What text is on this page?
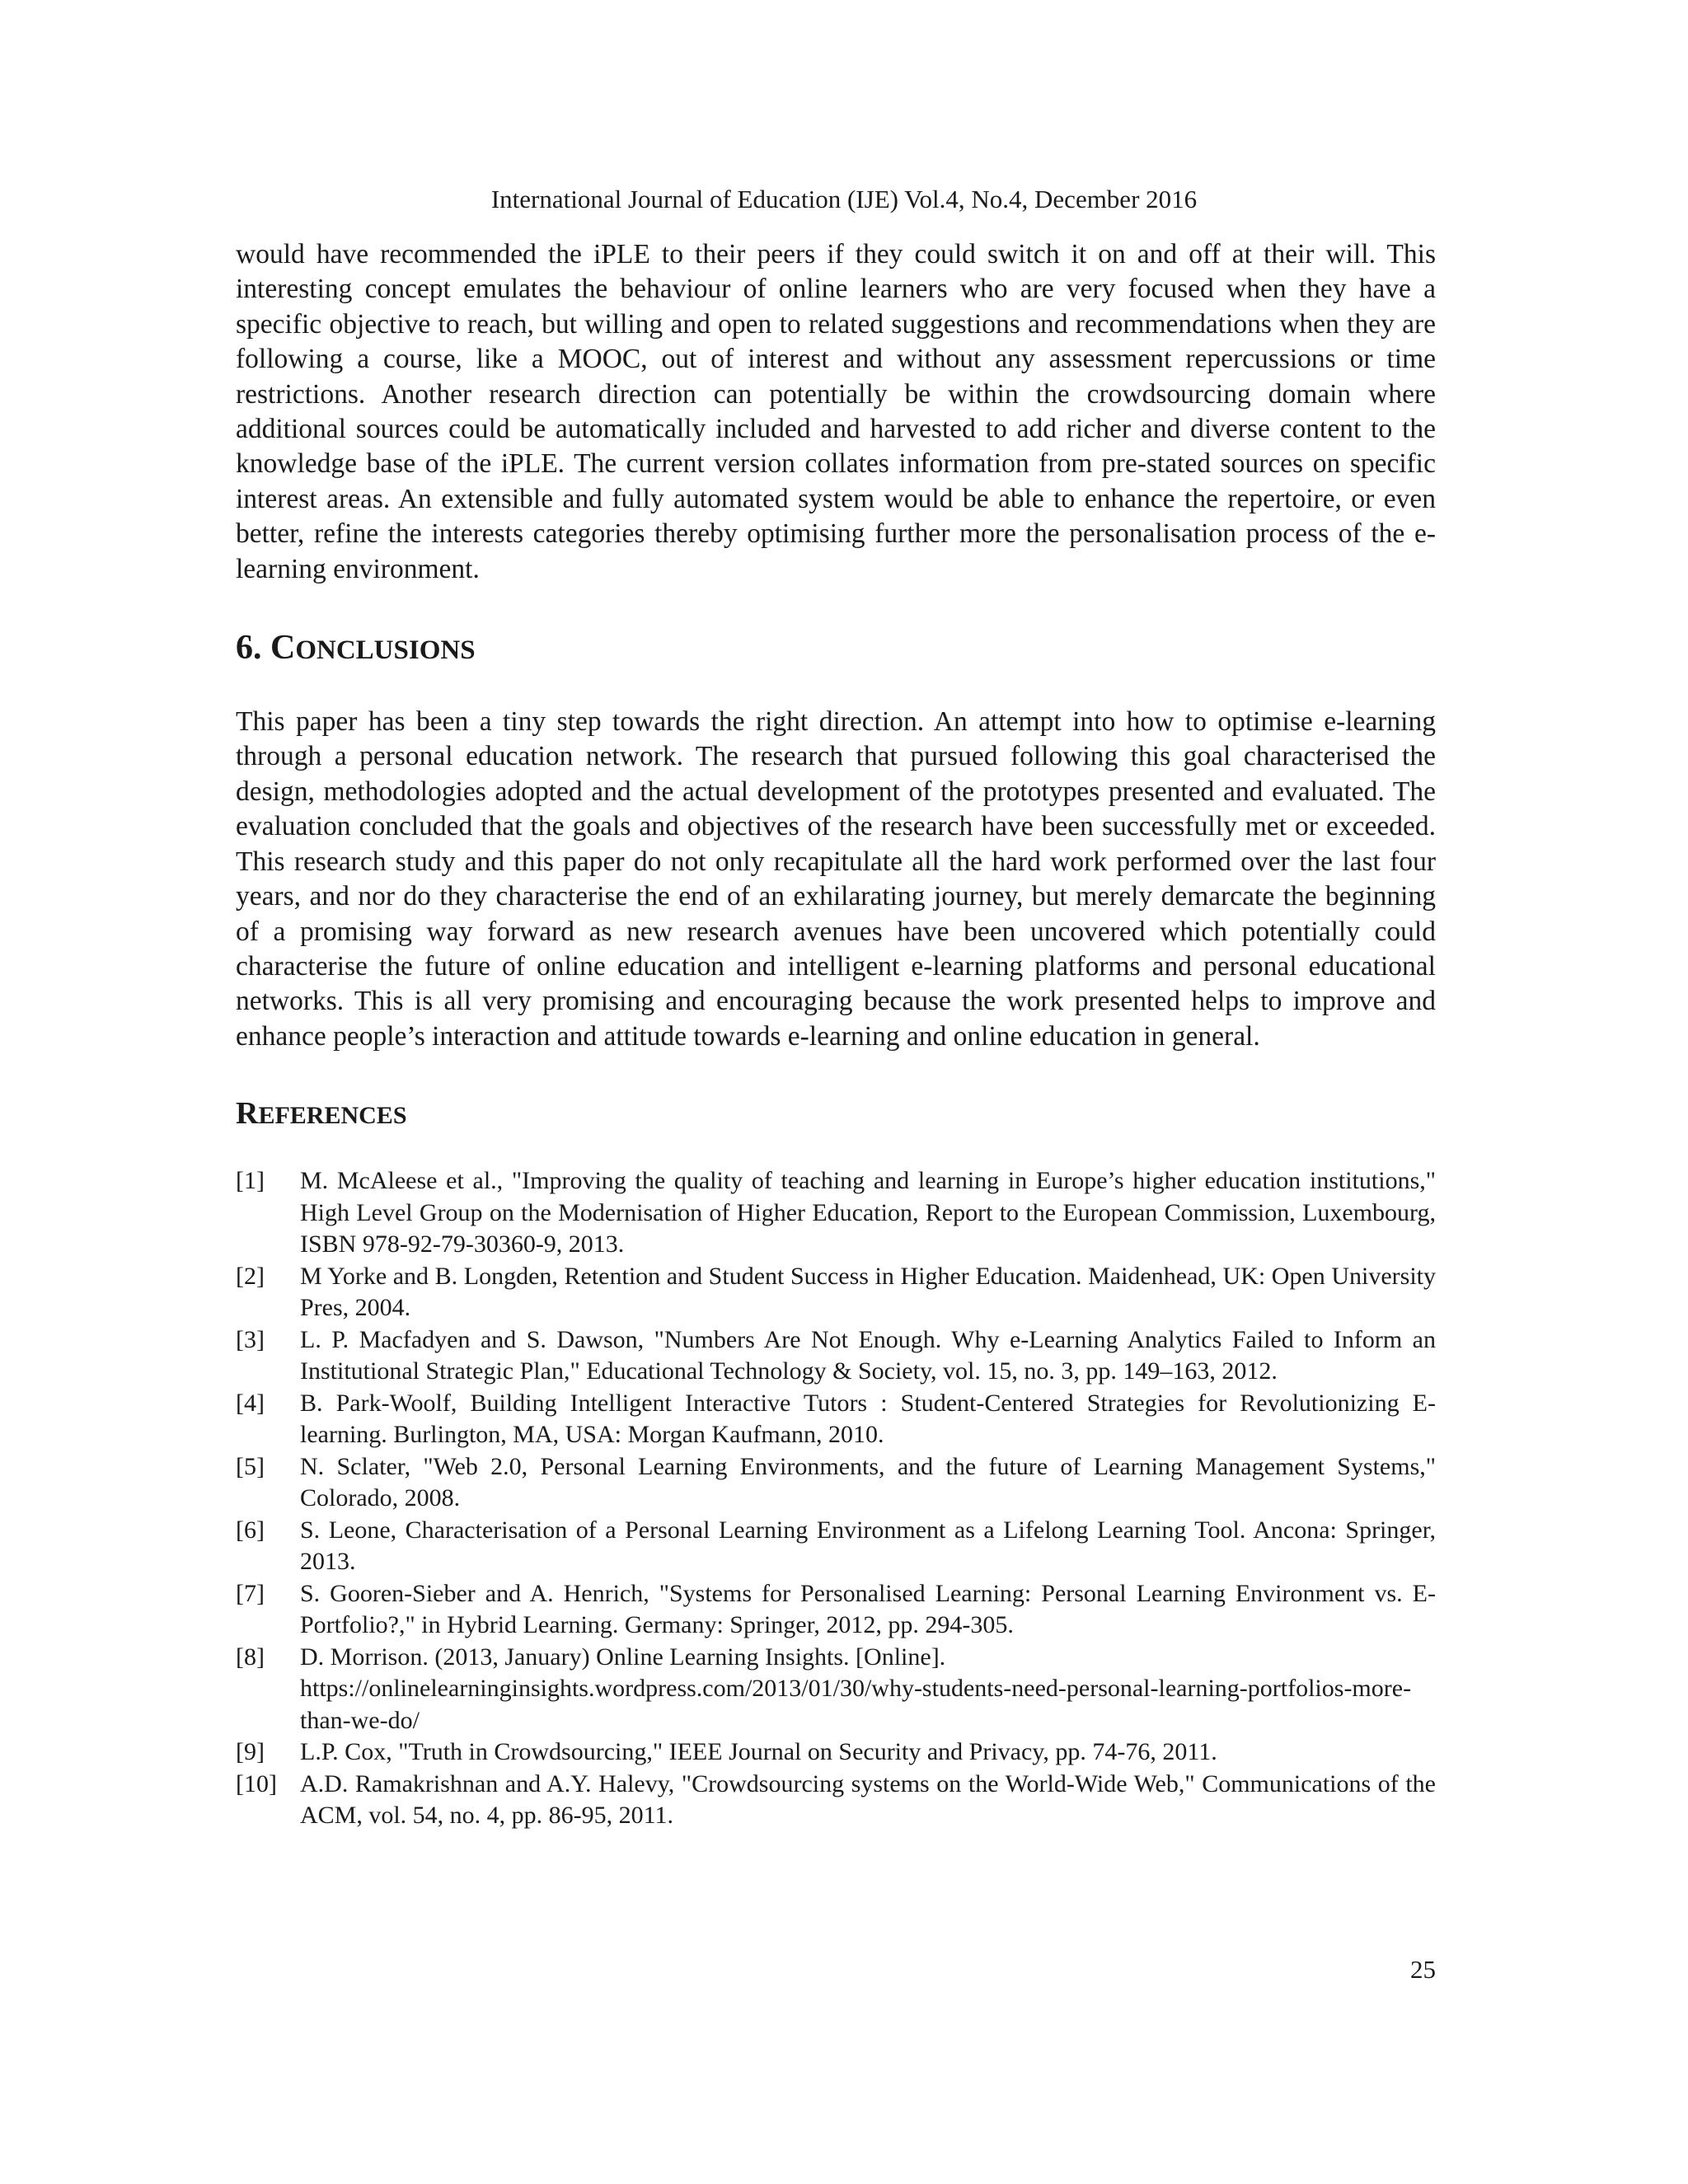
International Journal of Education (IJE) Vol.4, No.4, December 2016

would have recommended the iPLE to their peers if they could switch it on and off at their will. This interesting concept emulates the behaviour of online learners who are very focused when they have a specific objective to reach, but willing and open to related suggestions and recommendations when they are following a course, like a MOOC, out of interest and without any assessment repercussions or time restrictions. Another research direction can potentially be within the crowdsourcing domain where additional sources could be automatically included and harvested to add richer and diverse content to the knowledge base of the iPLE. The current version collates information from pre-stated sources on specific interest areas. An extensible and fully automated system would be able to enhance the repertoire, or even better, refine the interests categories thereby optimising further more the personalisation process of the e-learning environment.

6. CONCLUSIONS

This paper has been a tiny step towards the right direction. An attempt into how to optimise e-learning through a personal education network. The research that pursued following this goal characterised the design, methodologies adopted and the actual development of the prototypes presented and evaluated. The evaluation concluded that the goals and objectives of the research have been successfully met or exceeded. This research study and this paper do not only recapitulate all the hard work performed over the last four years, and nor do they characterise the end of an exhilarating journey, but merely demarcate the beginning of a promising way forward as new research avenues have been uncovered which potentially could characterise the future of online education and intelligent e-learning platforms and personal educational networks. This is all very promising and encouraging because the work presented helps to improve and enhance people’s interaction and attitude towards e-learning and online education in general.

REFERENCES
[1]	M. McAleese et al., "Improving the quality of teaching and learning in Europe’s higher education institutions," High Level Group on the Modernisation of Higher Education, Report to the European Commission, Luxembourg, ISBN 978-92-79-30360-9, 2013.
[2]	M Yorke and B. Longden, Retention and Student Success in Higher Education. Maidenhead, UK: Open University Pres, 2004.
[3]	L. P. Macfadyen and S. Dawson, "Numbers Are Not Enough. Why e-Learning Analytics Failed to Inform an Institutional Strategic Plan," Educational Technology & Society, vol. 15, no. 3, pp. 149–163, 2012.
[4]	B. Park-Woolf, Building Intelligent Interactive Tutors : Student-Centered Strategies for Revolutionizing E-learning. Burlington, MA, USA: Morgan Kaufmann, 2010.
[5]	N. Sclater, "Web 2.0, Personal Learning Environments, and the future of Learning Management Systems," Colorado, 2008.
[6]	S. Leone, Characterisation of a Personal Learning Environment as a Lifelong Learning Tool. Ancona: Springer, 2013.
[7]	S. Gooren-Sieber and A. Henrich, "Systems for Personalised Learning: Personal Learning Environment vs. E-Portfolio?," in Hybrid Learning. Germany: Springer, 2012, pp. 294-305.
[8]	D. Morrison. (2013, January) Online Learning Insights. [Online]. https://onlinelearninginsights.wordpress.com/2013/01/30/why-students-need-personal-learning-portfolios-more-than-we-do/
[9]	L.P. Cox, "Truth in Crowdsourcing," IEEE Journal on Security and Privacy, pp. 74-76, 2011.
[10] A.D. Ramakrishnan and A.Y. Halevy, "Crowdsourcing systems on the World-Wide Web," Communications of the ACM, vol. 54, no. 4, pp. 86-95, 2011.
25
